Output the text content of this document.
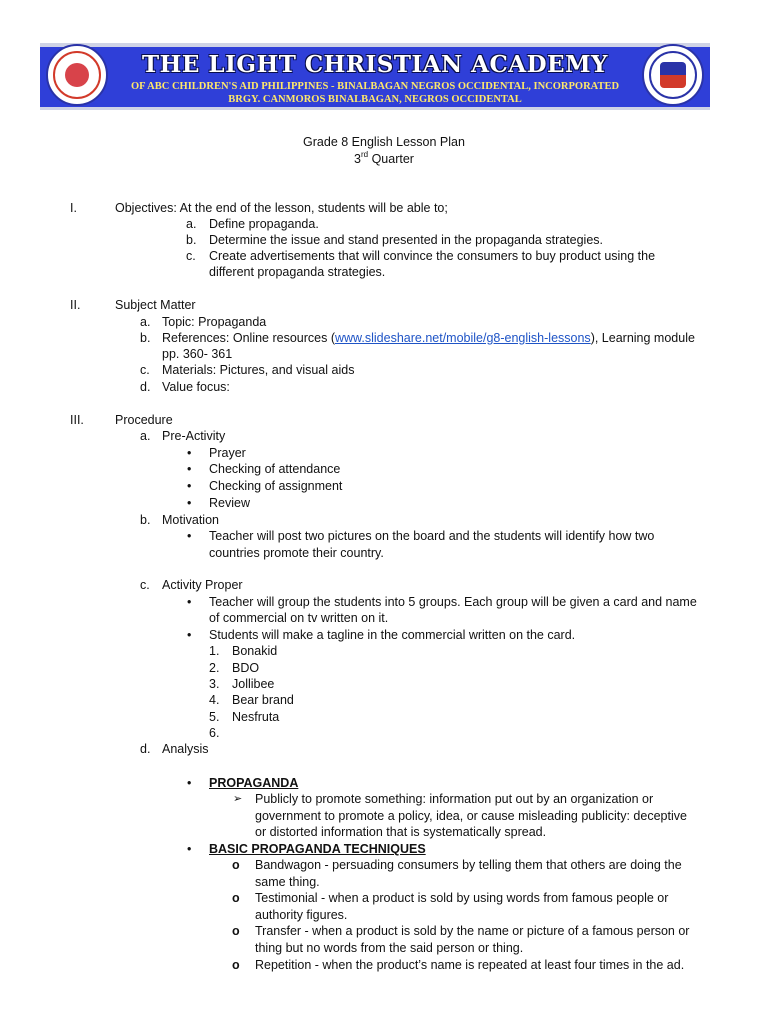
THE LIGHT CHRISTIAN ACADEMY
OF ABC CHILDREN'S AID PHILIPPINES - BINALBAGAN NEGROS OCCIDENTAL, INCORPORATED
BRGY. CANMOROS BINALBAGAN, NEGROS OCCIDENTAL
Grade 8 English Lesson Plan
3rd Quarter
I.	Objectives: At the end of the lesson, students will be able to;
a. Define propaganda.
b. Determine the issue and stand presented in the propaganda strategies.
c. Create advertisements that will convince the consumers to buy product using the
different propaganda strategies.
II.	Subject Matter
a. Topic: Propaganda
b. References: Online resources (www.slideshare.net/mobile/g8-english-lessons), Learning module
pp. 360- 361
c. Materials: Pictures, and visual aids
d. Value focus:
III. Procedure
a. Pre-Activity
• Prayer
• Checking of attendance
• Checking of assignment
• Review
b. Motivation
• Teacher will post two pictures on the board and the students will identify how two
countries promote their country.
c. Activity Proper
• Teacher will group the students into 5 groups. Each group will be given a card and name
of commercial on tv written on it.
• Students will make a tagline in the commercial written on the card.
1. Bonakid
2. BDO
3. Jollibee
4. Bear brand
5. Nesfruta
6.
d. Analysis
• PROPAGANDA
➢ Publicly to promote something: information put out by an organization or
government to promote a policy, idea, or cause misleading publicity: deceptive
or distorted information that is systematically spread.
• BASIC PROPAGANDA TECHNIQUES
o Bandwagon - persuading consumers by telling them that others are doing the
same thing.
o Testimonial - when a product is sold by using words from famous people or
authority figures.
o Transfer - when a product is sold by the name or picture of a famous person or
thing but no words from the said person or thing.
o Repetition - when the product’s name is repeated at least four times in the ad.
